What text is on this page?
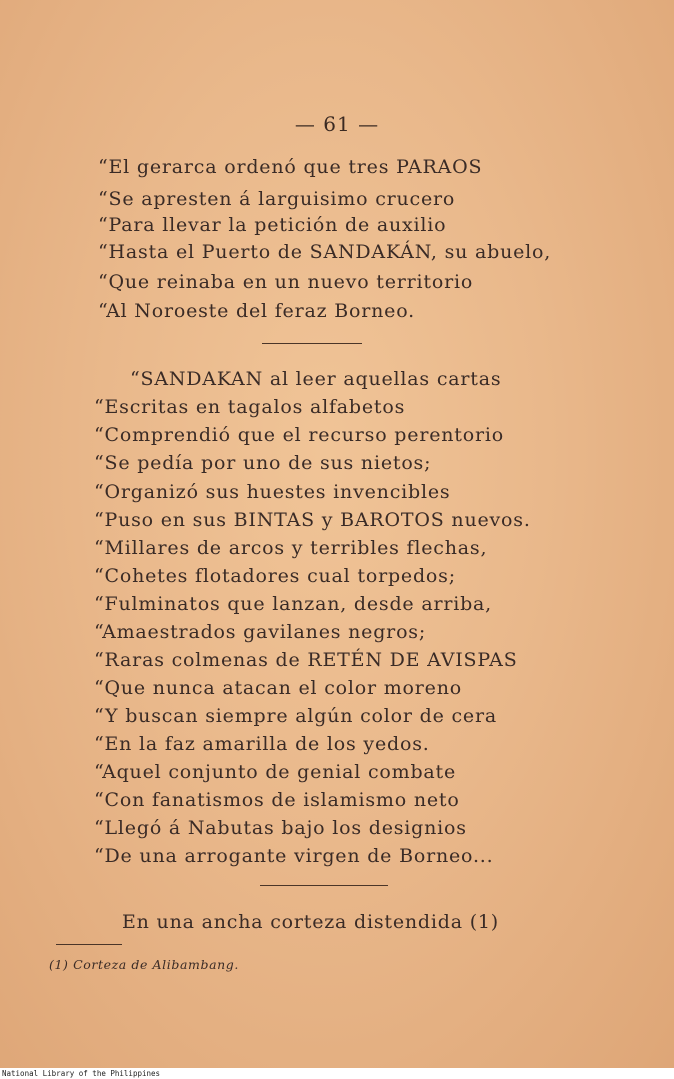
— 61 —
“El gerarca ordenó que tres PARAOS
“Se apresten á larguisimo crucero
“Para llevar la petición de auxilio
“Hasta el Puerto de SANDAKÁN, su abuelo,
“Que reinaba en un nuevo territorio
“Al Noroeste del feraz Borneo.
“SANDAKAN al leer aquellas cartas
“Escritas en tagalos alfabetos
“Comprendió que el recurso perentorio
“Se pedía por uno de sus nietos;
“Organizó sus huestes invencibles
“Puso en sus BINTAS y BAROTOS nuevos.
“Millares de arcos y terribles flechas,
“Cohetes flotadores cual torpedos;
“Fulminatos que lanzan, desde arriba,
“Amaestrados gavilanes negros;
“Raras colmenas de RETÉN DE AVISPAS
“Que nunca atacan el color moreno
“Y buscan siempre algún color de cera
“En la faz amarilla de los yedos.
“Aquel conjunto de genial combate
“Con fanatismos de islamismo neto
“Llegó á Nabutas bajo los designios
“De una arrogante virgen de Borneo...
En una ancha corteza distendida (1)
(1) Corteza de Alibambang.
National Library of the Philippines
